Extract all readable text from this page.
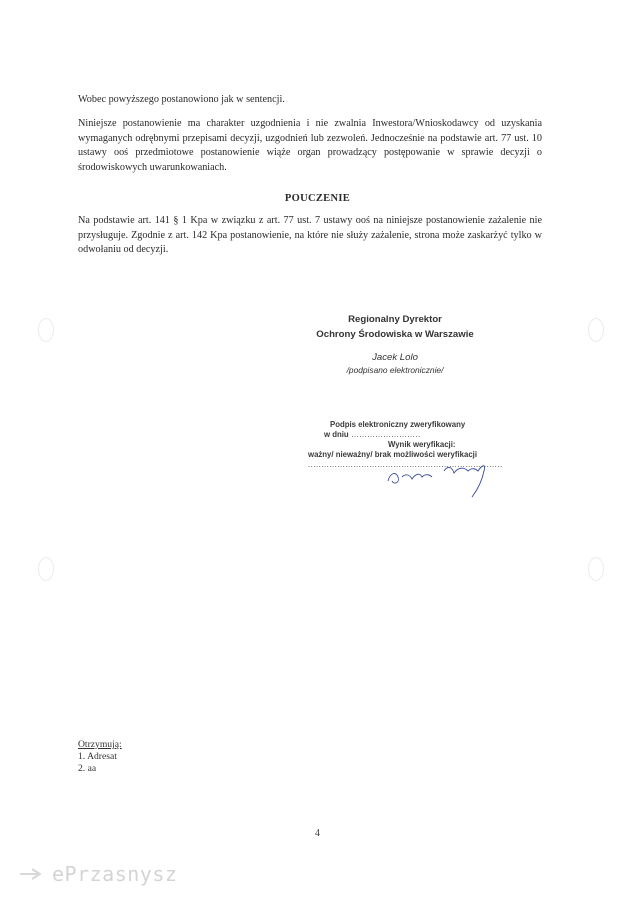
Wobec powyższego postanowiono jak w sentencji.
Niniejsze postanowienie ma charakter uzgodnienia i nie zwalnia Inwestora/Wnioskodawcy od uzyskania wymaganych odrębnymi przepisami decyzji, uzgodnień lub zezwoleń. Jednocześnie na podstawie art. 77 ust. 10 ustawy ooś przedmiotowe postanowienie wiąże organ prowadzący postępowanie w sprawie decyzji o środowiskowych uwarunkowaniach.
POUCZENIE
Na podstawie art. 141 § 1 Kpa w związku z art. 77 ust. 7 ustawy ooś na niniejsze postanowienie zażalenie nie przysługuje. Zgodnie z art. 142 Kpa postanowienie, na które nie służy zażalenie, strona może zaskarżyć tylko w odwołaniu od decyzji.
Regionalny Dyrektor
Ochrony Środowiska w Warszawie
Jacek Lolo
/podpisano elektronicznie/
Podpis elektroniczny zweryfikowany
w dniu ..........................
Wynik weryfikacji:
ważny/ nieważny/ brak możliwości weryfikacji
.........................................................................
Otrzymują:
1. Adresat
2. aa
4
ePrzasnysz
